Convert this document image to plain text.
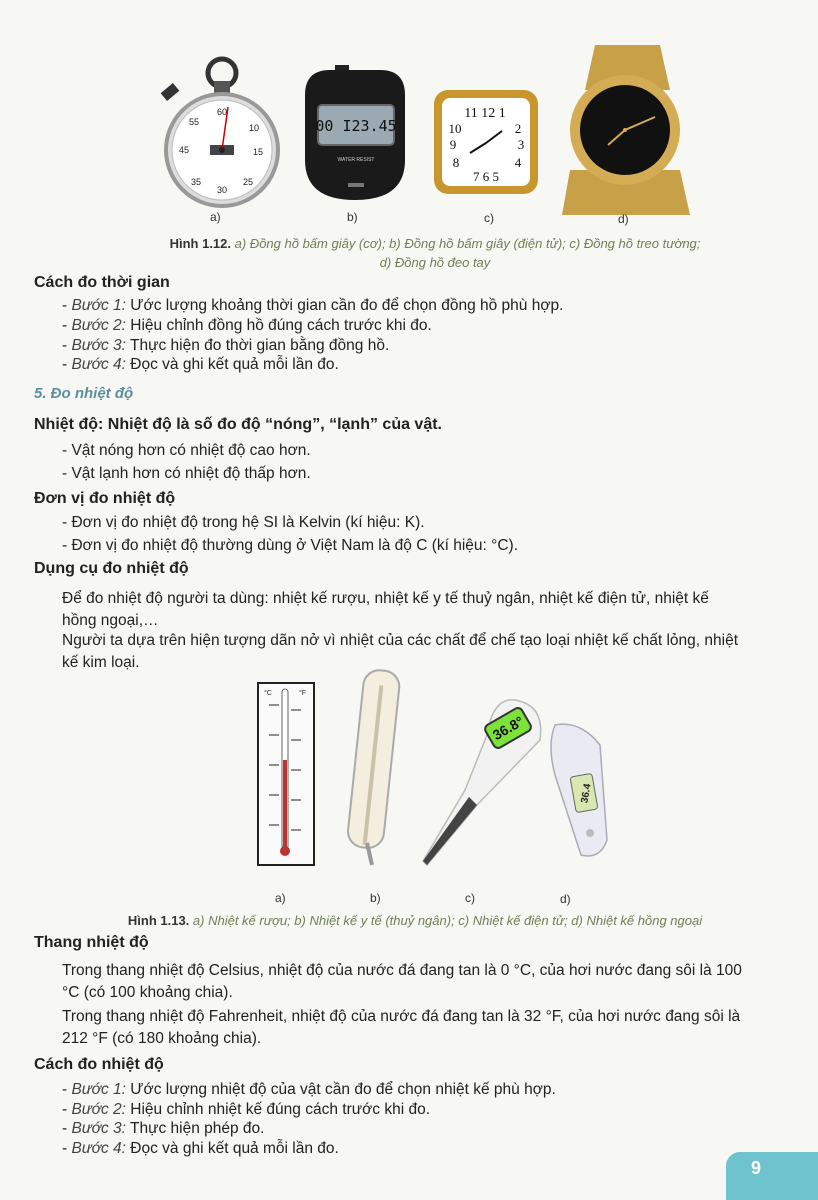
60
10
15
25
30
35
45
55	00 I23.45
WATER RESIST
11 12 1
10	2
9	3
8	4
7 6 5
a)	b)	c)	d)
Hình 1.12. a) Đồng hồ bấm giây (cơ); b) Đồng hồ bấm giây (điện tử); c) Đồng hồ treo tường;
d) Đồng hồ đeo tay
Cách đo thời gian
- Bước 1: Ước lượng khoảng thời gian cần đo để chọn đồng hồ phù hợp.
- Bước 2: Hiệu chỉnh đồng hồ đúng cách trước khi đo.
- Bước 3: Thực hiện đo thời gian bằng đồng hồ.
- Bước 4: Đọc và ghi kết quả mỗi lần đo.
5. Đo nhiệt độ
Nhiệt độ: Nhiệt độ là số đo độ “nóng”, “lạnh” của vật.
- Vật nóng hơn có nhiệt độ cao hơn.
- Vật lạnh hơn có nhiệt độ thấp hơn.
Đơn vị đo nhiệt độ
- Đơn vị đo nhiệt độ trong hệ SI là Kelvin (kí hiệu: K).
- Đơn vị đo nhiệt độ thường dùng ở Việt Nam là độ C (kí hiệu: °C).
Dụng cụ đo nhiệt độ
Để đo nhiệt độ người ta dùng: nhiệt kế rượu, nhiệt kế y tế thuỷ ngân, nhiệt kế điện tử, nhiệt kế
hồng ngoại,…
Người ta dựa trên hiện tượng dãn nở vì nhiệt của các chất để chế tạo loại nhiệt kế chất lỏng, nhiệt
kế kim loại.
°C	°F
36.8°
36.4
a)	b)	c)	d)
Hình 1.13. a) Nhiệt kế rượu; b) Nhiệt kế y tế (thuỷ ngân); c) Nhiệt kế điện tử; d) Nhiệt kế hồng ngoại
Thang nhiệt độ
Trong thang nhiệt độ Celsius, nhiệt độ của nước đá đang tan là 0 °C, của hơi nước đang sôi là 100
°C (có 100 khoảng chia).
Trong thang nhiệt độ Fahrenheit, nhiệt độ của nước đá đang tan là 32 °F, của hơi nước đang sôi là
212 °F (có 180 khoảng chia).
Cách đo nhiệt độ
- Bước 1: Ước lượng nhiệt độ của vật cần đo để chọn nhiệt kế phù hợp.
- Bước 2: Hiệu chỉnh nhiệt kế đúng cách trước khi đo.
- Bước 3: Thực hiện phép đo.
- Bước 4: Đọc và ghi kết quả mỗi lần đo.
9
